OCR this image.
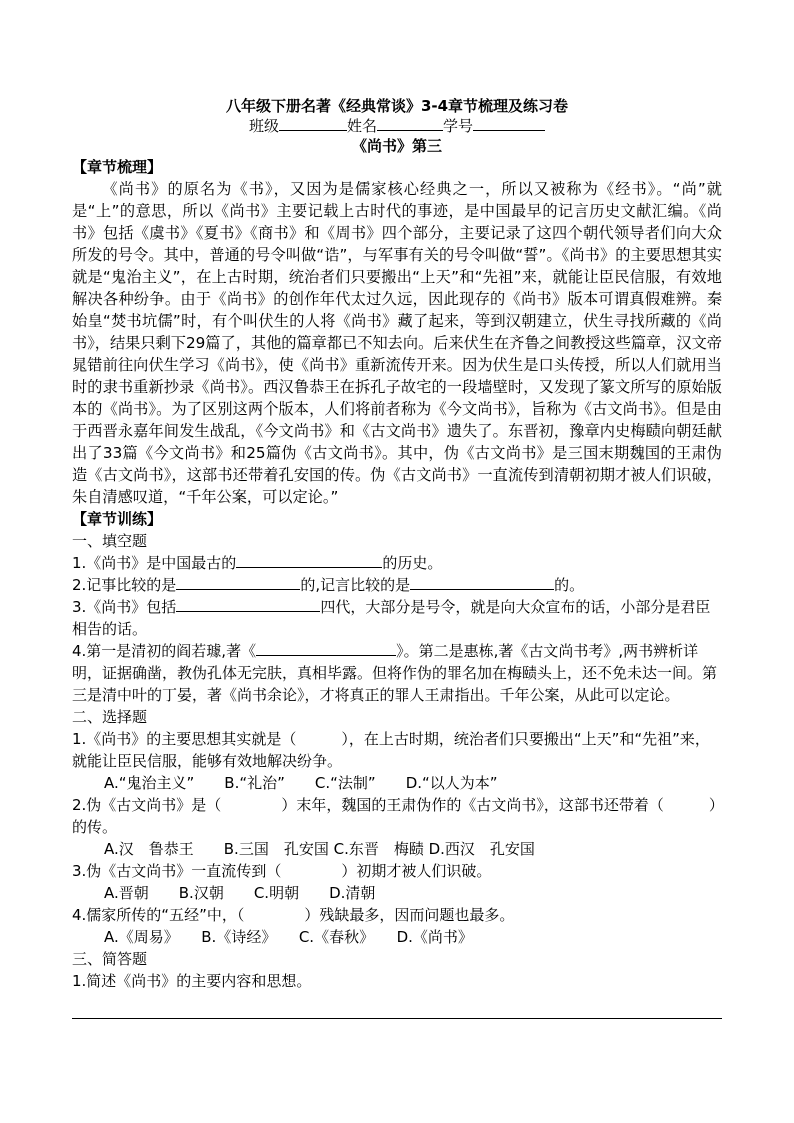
八年级下册名著《经典常谈》3-4章节梳理及练习卷
班级	姓名	学号
《尚书》第三
【章节梳理】

《尚书》的原名为《书》，又因为是儒家核心经典之一，所以又被称为《经书》。“尚”就是“上”的意思，所以《尚书》主要记载上古时代的事迹，是中国最早的记言历史文献汇编。《尚书》包括《虞书》《夏书》《商书》和《周书》四个部分，主要记录了这四个朝代领导者们向大众所发的号令。其中，普通的号令叫做“诰”，与军事有关的号令叫做“誓”。《尚书》的主要思想其实就是“鬼治主义”，在上古时期，统治者们只要搬出“上天”和“先祖”来，就能让臣民信服，有效地解决各种纷争。由于《尚书》的创作年代太过久远，因此现存的《尚书》版本可谓真假难辨。秦始皇“焚书坑儒”时，有个叫伏生的人将《尚书》藏了起来，等到汉朝建立，伏生寻找所藏的《尚书》，结果只剩下29篇了，其他的篇章都已不知去向。后来伏生在齐鲁之间教授这些篇章，汉文帝晁错前往向伏生学习《尚书》，使《尚书》重新流传开来。因为伏生是口头传授，所以人们就用当时的隶书重新抄录《尚书》。西汉鲁恭王在拆孔子故宅的一段墙壁时，又发现了篆文所写的原始版本的《尚书》。为了区别这两个版本，人们将前者称为《今文尚书》，旨称为《古文尚书》。但是由于西晋永嘉年间发生战乱，《今文尚书》和《古文尚书》遗失了。东晋初，豫章内史梅赜向朝廷献出了33篇《今文尚书》和25篇伪《古文尚书》。其中，伪《古文尚书》是三国末期魏国的王肃伪造《古文尚书》，这部书还带着孔安国的传。伪《古文尚书》一直流传到清朝初期才被人们识破，朱自清感叹道，“千年公案，可以定论。”

【章节训练】

一、填空题

1.《尚书》是中国最古的	的历史。

2.记事比较的是	的,记言比较的是	的。

3.《尚书》包括	四代，大部分是号令，就是向大众宣布的话，小部分是君臣相告的话。

4.第一是清初的阎若璩,著《	》。第二是惠栋,著《古文尚书考》,两书辨析详明，证据确凿，教伪孔体无完肤，真相毕露。但将作伪的罪名加在梅赜头上，还不免未达一间。第三是清中叶的丁晏，著《尚书余论》，才将真正的罪人王肃指出。千年公案，从此可以定论。

二、选择题

1.《尚书》的主要思想其实就是（　　　），在上古时期，统治者们只要搬出“上天”和“先祖”来，就能让臣民信服，能够有效地解决纷争。

A.“鬼治主义”　　B.“礼治”　　C.“法制”　　D.“以人为本”

2.伪《古文尚书》是（　　　　）末年，魏国的王肃伪作的《古文尚书》，这部书还带着（　　　）的传。

A.汉　鲁恭王　　B.三国　孔安国 C.东晋　梅赜 D.西汉　孔安国

3.伪《古文尚书》一直流传到（　　　　）初期才被人们识破。

A.晋朝　　B.汉朝　　C.明朝　　D.清朝

4.儒家所传的“五经”中，（　　　　）残缺最多，因而问题也最多。

A.《周易》　　B.《诗经》　　C.《春秋》　　D.《尚书》

三、简答题

1.简述《尚书》的主要内容和思想。
